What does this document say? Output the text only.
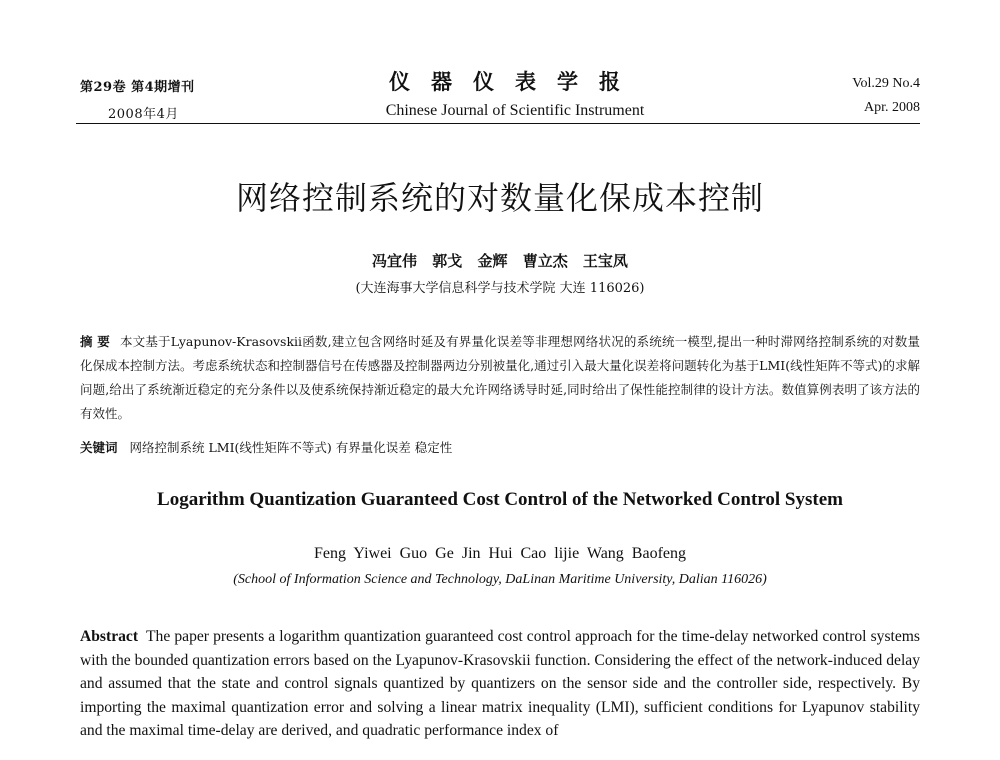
第29卷 第4期增刊
2008年4月
仪器仪表学报
Chinese Journal of Scientific Instrument
Vol.29 No.4
Apr. 2008
网络控制系统的对数量化保成本控制
冯宜伟 郭戈 金辉 曹立杰 王宝凤
(大连海事大学信息科学与技术学院 大连 116026)
摘 要 本文基于Lyapunov-Krasovskii函数,建立包含网络时延及有界量化误差等非理想网络状况的系统统一模型,提出一种时滞网络控制系统的对数量化保成本控制方法。考虑系统状态和控制器信号在传感器及控制器两边分别被量化,通过引入最大量化误差将问题转化为基于LMI(线性矩阵不等式)的求解问题,给出了系统渐近稳定的充分条件以及使系统保持渐近稳定的最大允许网络诱导时延,同时给出了保性能控制律的设计方法。数值算例表明了该方法的有效性。
关键词 网络控制系统 LMI(线性矩阵不等式) 有界量化误差 稳定性
Logarithm Quantization Guaranteed Cost Control of the Networked Control System
Feng Yiwei Guo Ge Jin Hui Cao lijie Wang Baofeng
(School of Information Science and Technology, DaLinan Maritime University, Dalian 116026)
Abstract The paper presents a logarithm quantization guaranteed cost control approach for the time-delay networked control systems with the bounded quantization errors based on the Lyapunov-Krasovskii function. Considering the effect of the network-induced delay and assumed that the state and control signals quantized by quantizers on the sensor side and the controller side, respectively. By importing the maximal quantization error and solving a linear matrix inequality (LMI), sufficient conditions for Lyapunov stability and the maximal time-delay are derived, and quadratic performance index of
